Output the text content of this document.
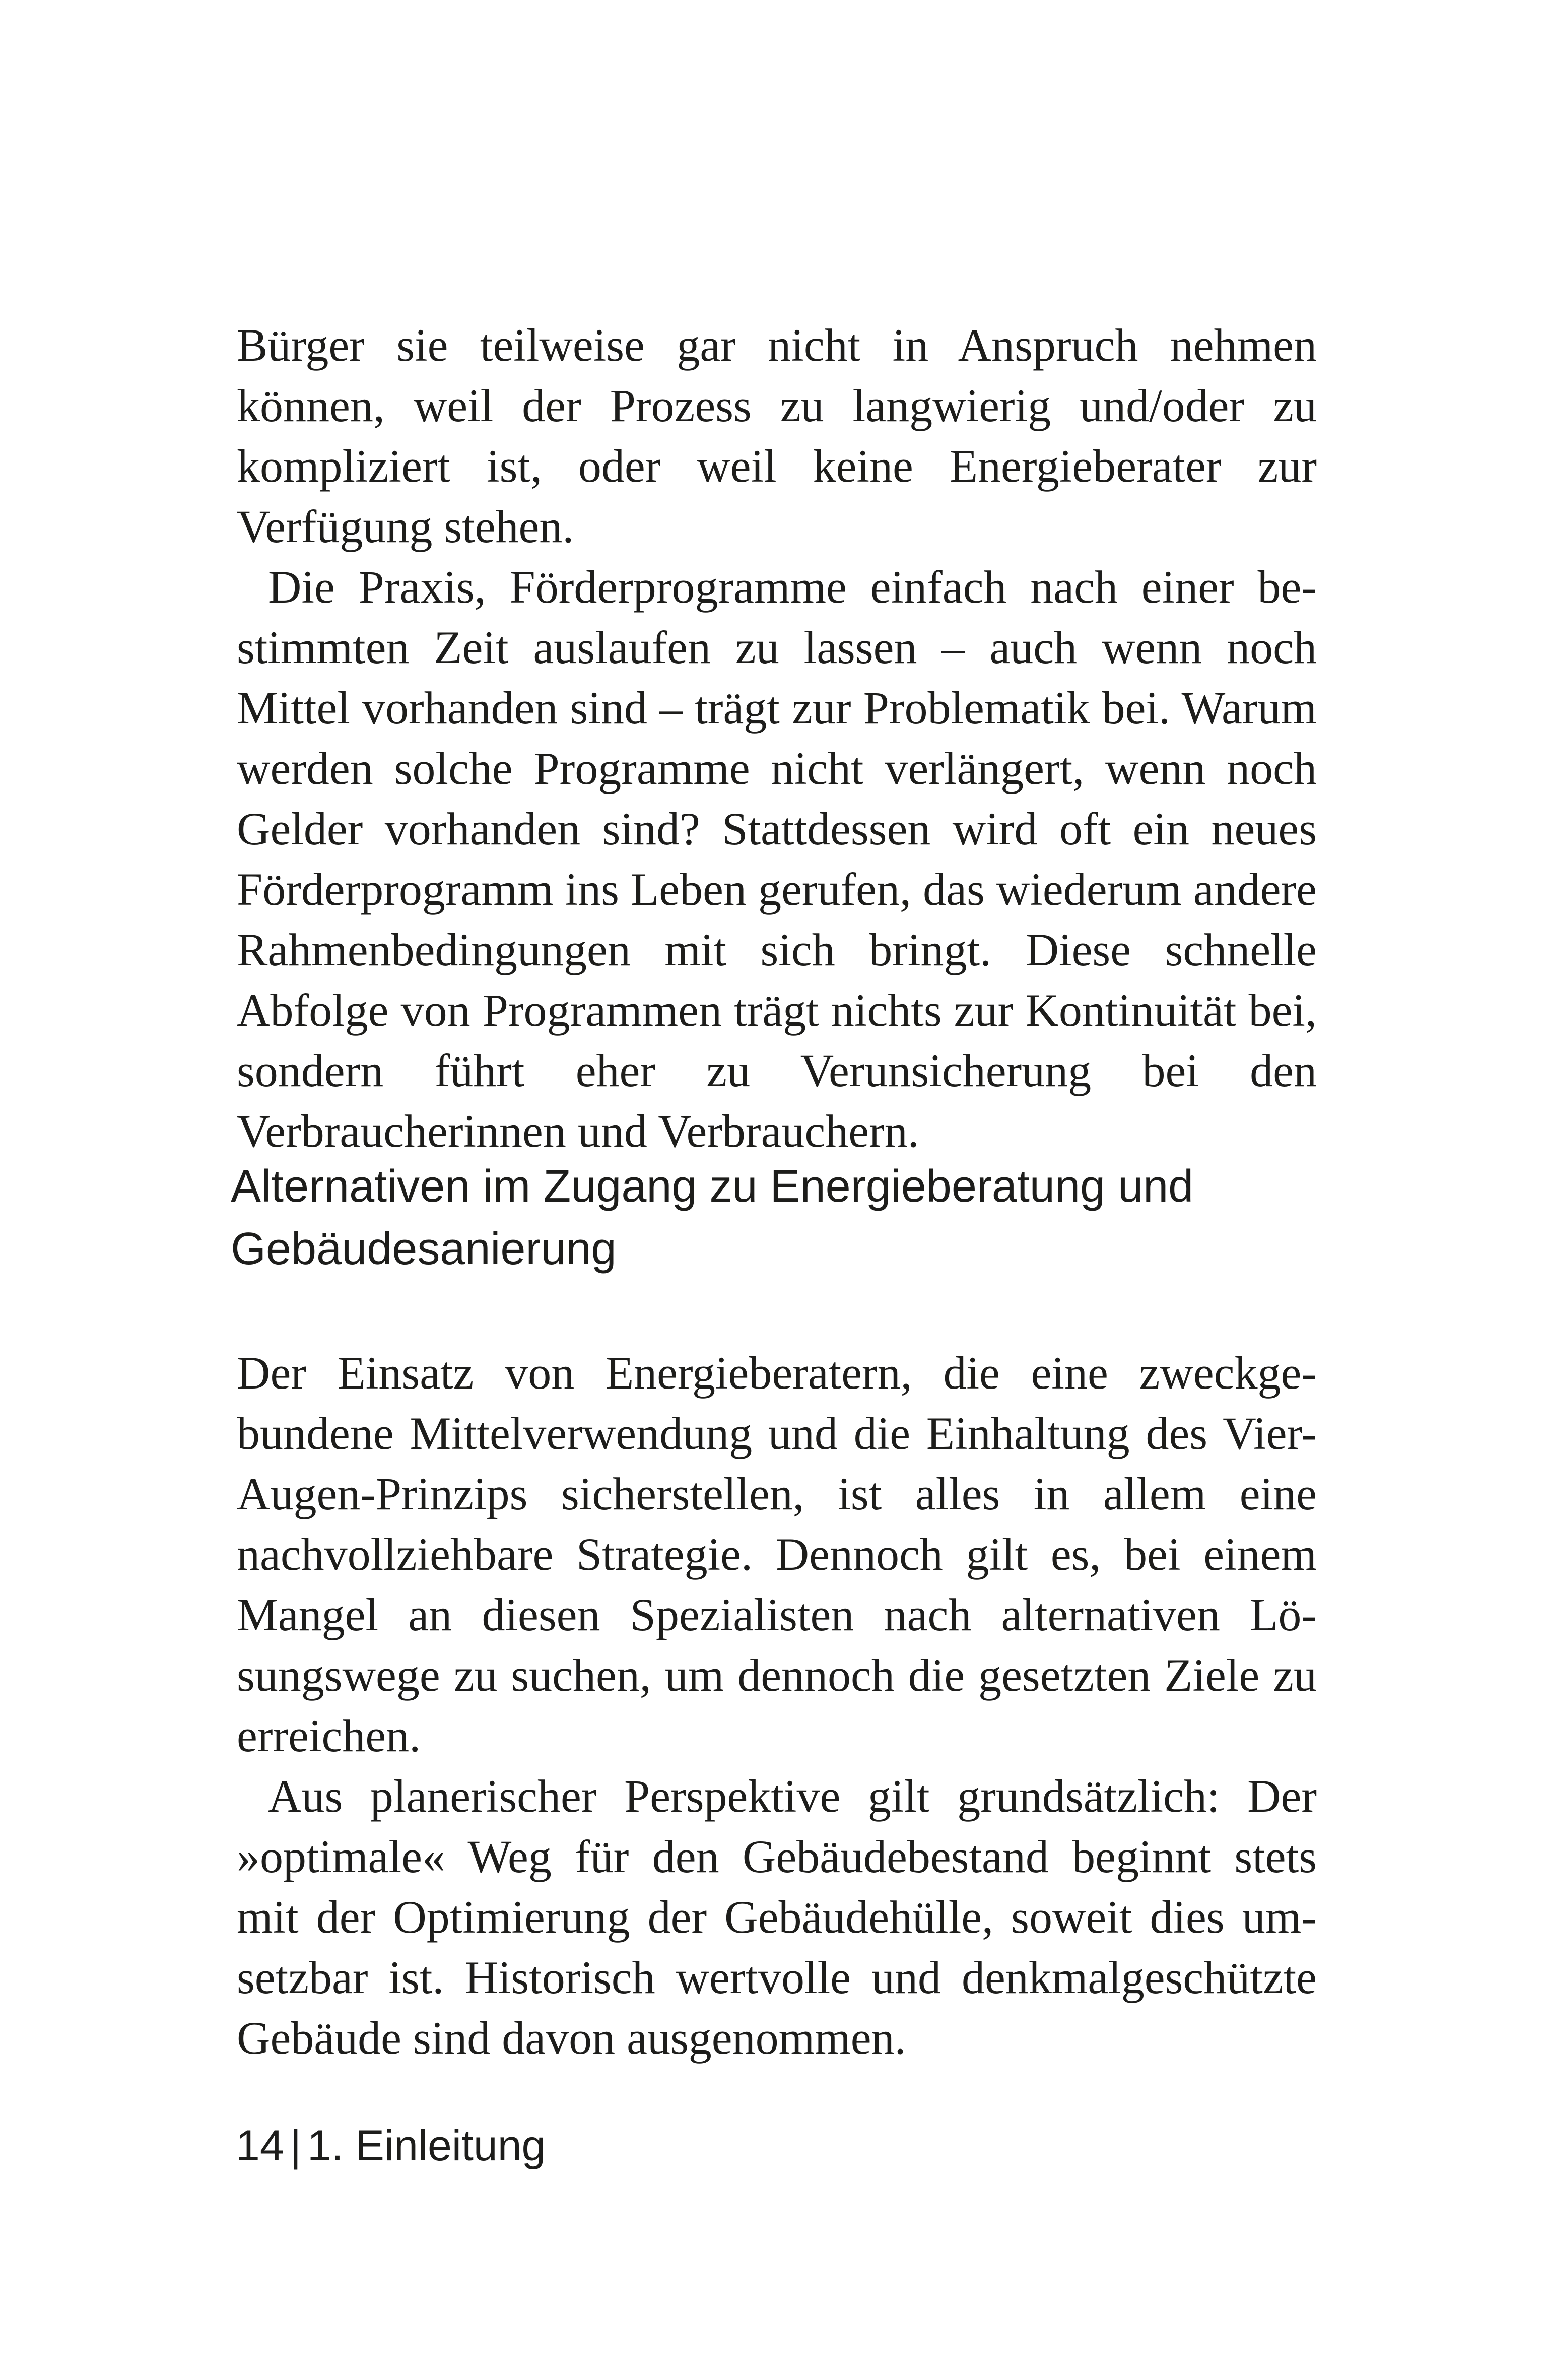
Bürger sie teilweise gar nicht in Anspruch nehmen können, weil der Prozess zu langwierig und/oder zu kompliziert ist, oder weil keine Energieberater zur Verfügung stehen.

Die Praxis, Förderprogramme einfach nach einer bestimmten Zeit auslaufen zu lassen – auch wenn noch Mittel vorhanden sind – trägt zur Problematik bei. Warum werden solche Programme nicht verlängert, wenn noch Gelder vorhanden sind? Stattdessen wird oft ein neues Förderprogramm ins Leben gerufen, das wiederum andere Rahmenbedingungen mit sich bringt. Diese schnelle Abfolge von Programmen trägt nichts zur Kontinuität bei, sondern führt eher zu Verunsicherung bei den Verbraucherinnen und Verbrauchern.

Alternativen im Zugang zu Energieberatung und Gebäudesanierung

Der Einsatz von Energieberatern, die eine zweckgebundene Mittelverwendung und die Einhaltung des Vier-Augen-Prinzips sicherstellen, ist alles in allem eine nachvollziehbare Strategie. Dennoch gilt es, bei einem Mangel an diesen Spezialisten nach alternativen Lösungswege zu suchen, um dennoch die gesetzten Ziele zu erreichen.

Aus planerischer Perspektive gilt grundsätzlich: Der »optimale« Weg für den Gebäudebestand beginnt stets mit der Optimierung der Gebäudehülle, soweit dies umsetzbar ist. Historisch wertvolle und denkmalgeschützte Gebäude sind davon ausgenommen.

14 | 1. Einleitung
